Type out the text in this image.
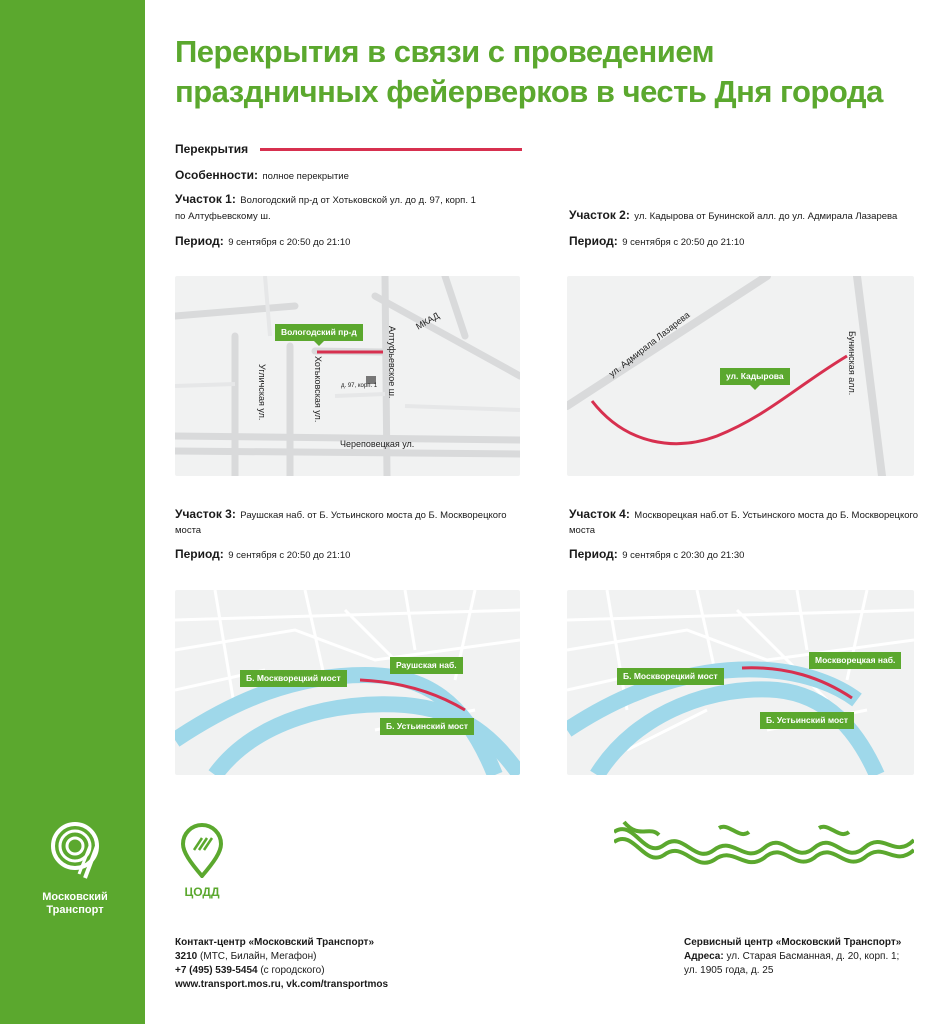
Московский
Транспорт
Перекрытия в связи с проведением
праздничных фейерверков в честь Дня города
Перекрытия
Особенности: полное перекрытие
Участок 1: Вологодский пр-д от Хотьковской ул. до д. 97, корп. 1
по Алтуфьевскому ш.
Период: 9 сентября с 20:50 до 21:10
Участок 2: ул. Кадырова от Бунинской алл. до ул. Адмирала Лазарева
Период: 9 сентября с 20:50 до 21:10
Вологодский пр-д
МКАД
Алтуфьевское ш.
Хотьковская ул.
Угличская ул.
Череповецкая ул.
д. 97, корп. 1
ул. Кадырова
ул. Адмирала Лазарева	Бунинская алл.
Участок 3: Раушская наб. от Б. Устьинского моста до Б. Москворецкого
моста
Период: 9 сентября с 20:50 до 21:10
Участок 4: Москворецкая наб.от Б. Устьинского моста до Б. Москворецкого
моста
Период: 9 сентября с 20:30 до 21:30
Б. Москворецкий мост
Раушская наб.
Б. Устьинский мост
Б. Москворецкий мост
Москворецкая наб.
Б. Устьинский мост
ЦОДД
Контакт-центр «Московский Транспорт»
3210 (МТС, Билайн, Мегафон)
+7 (495) 539-5454 (с городского)
www.transport.mos.ru, vk.com/transportmos
Сервисный центр «Московский Транспорт»
Адреса: ул. Старая Басманная, д. 20, корп. 1;
ул. 1905 года, д. 25
